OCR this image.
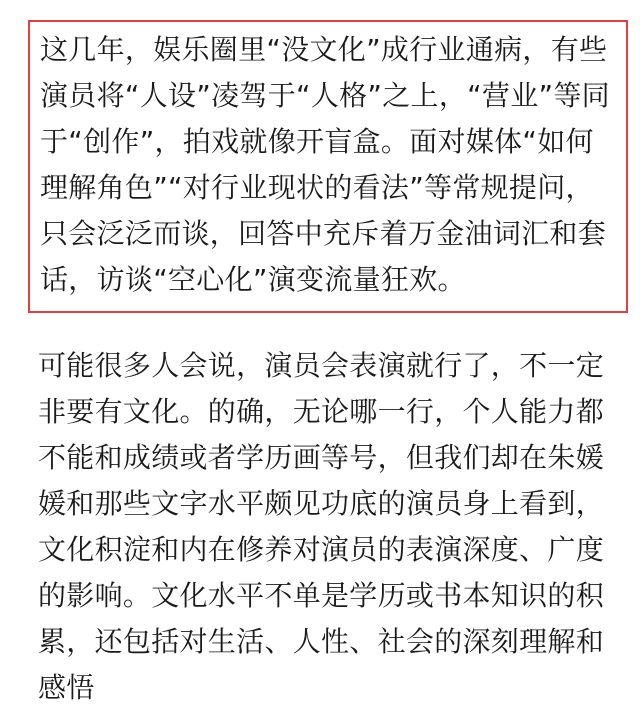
这几年，娱乐圈里“没文化”成行业通病，有些
演员将“人设”凌驾于“人格”之上，“营业”等同
于“创作”，拍戏就像开盲盒。面对媒体“如何
理解角色”“对行业现状的看法”等常规提问，
只会泛泛而谈，回答中充斥着万金油词汇和套
话，访谈“空心化”演变流量狂欢。
可能很多人会说，演员会表演就行了，不一定
非要有文化。的确，无论哪一行，个人能力都
不能和成绩或者学历画等号，但我们却在朱媛
媛和那些文字水平颇见功底的演员身上看到，
文化积淀和内在修养对演员的表演深度、广度
的影响。文化水平不单是学历或书本知识的积
累，还包括对生活、人性、社会的深刻理解和
感悟
